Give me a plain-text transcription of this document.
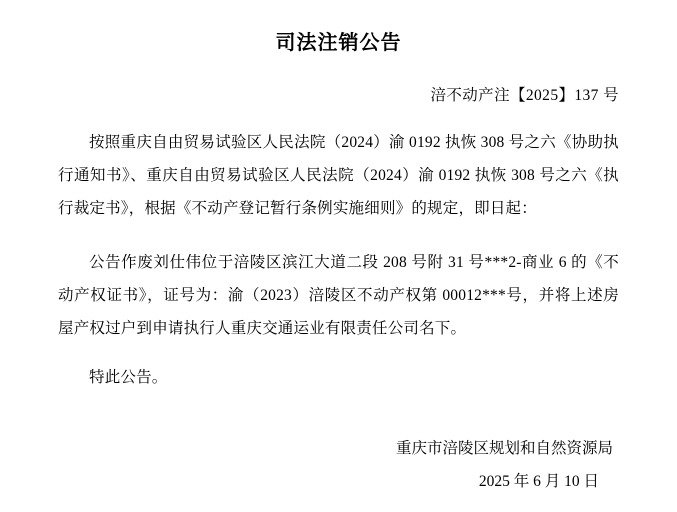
司法注销公告
涪不动产注【2025】137 号

按照重庆自由贸易试验区人民法院（2024）渝 0192 执恢 308 号之六《协助执行通知书》、重庆自由贸易试验区人民法院（2024）渝 0192 执恢 308 号之六《执行裁定书》，根据《不动产登记暂行条例实施细则》的规定，即日起：

公告作废刘仕伟位于涪陵区滨江大道二段 208 号附 31 号***2-商业 6 的《不动产权证书》，证号为：渝（2023）涪陵区不动产权第 00012***号，并将上述房屋产权过户到申请执行人重庆交通运业有限责任公司名下。

特此公告。

重庆市涪陵区规划和自然资源局
2025 年 6 月 10 日
